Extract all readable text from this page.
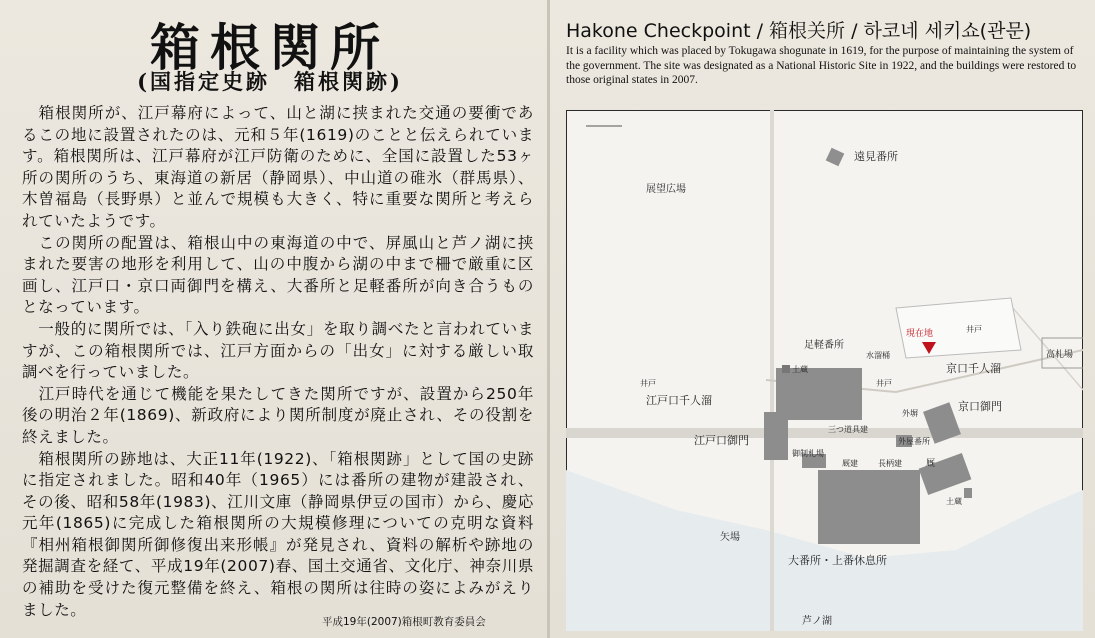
箱根関所
(国指定史跡　箱根関跡)

　箱根関所が、江戸幕府によって、山と湖に挟まれた交通の要衝であるこの地に設置されたのは、元和５年(1619)のことと伝えられています。箱根関所は、江戸幕府が江戸防衛のために、全国に設置した53ヶ所の関所のうち、東海道の新居（静岡県）、中山道の碓氷（群馬県）、木曽福島（長野県）と並んで規模も大きく、特に重要な関所と考えられていたようです。

　この関所の配置は、箱根山中の東海道の中で、屏風山と芦ノ湖に挟まれた要害の地形を利用して、山の中腹から湖の中まで柵で厳重に区画し、江戸口・京口両御門を構え、大番所と足軽番所が向き合うものとなっています。

　一般的に関所では、「入り鉄砲に出女」を取り調べたと言われていますが、この箱根関所では、江戸方面からの「出女」に対する厳しい取調べを行っていました。

　江戸時代を通じて機能を果たしてきた関所ですが、設置から250年後の明治２年(1869)、新政府により関所制度が廃止され、その役割を終えました。

　箱根関所の跡地は、大正11年(1922)、「箱根関跡」として国の史跡に指定されました。昭和40年（1965）には番所の建物が建設され、その後、昭和58年(1983)、江川文庫（静岡県伊豆の国市）から、慶応元年(1865)に完成した箱根関所の大規模修理についての克明な資料『相州箱根御関所御修復出来形帳』が発見され、資料の解析や跡地の発掘調査を経て、平成19年(2007)春、国土交通省、文化庁、神奈川県の補助を受けた復元整備を終え、箱根の関所は往時の姿によみがえりました。

平成19年(2007)箱根町教育委員会
Hakone Checkpoint / 箱根关所 / 하코네 세키쇼(관문)
It is a facility which was placed by Tokugawa shogunate in 1619, for the purpose of maintaining the system of the government. The site was designated as a National Historic Site in 1922, and the buildings were restored to those original states in 2007.
遠見番所
展望広場
足軽番所
水溜桶
土蔵
井戸	井戸
井戸
江戸口千人溜
江戸口御門
三つ道具建
御制札場
厩建	長柄建	厩
外塀
外屋番所
京口千人溜
京口御門
現在地
高札場
矢場
大番所・上番休息所
土蔵
芦ノ湖
